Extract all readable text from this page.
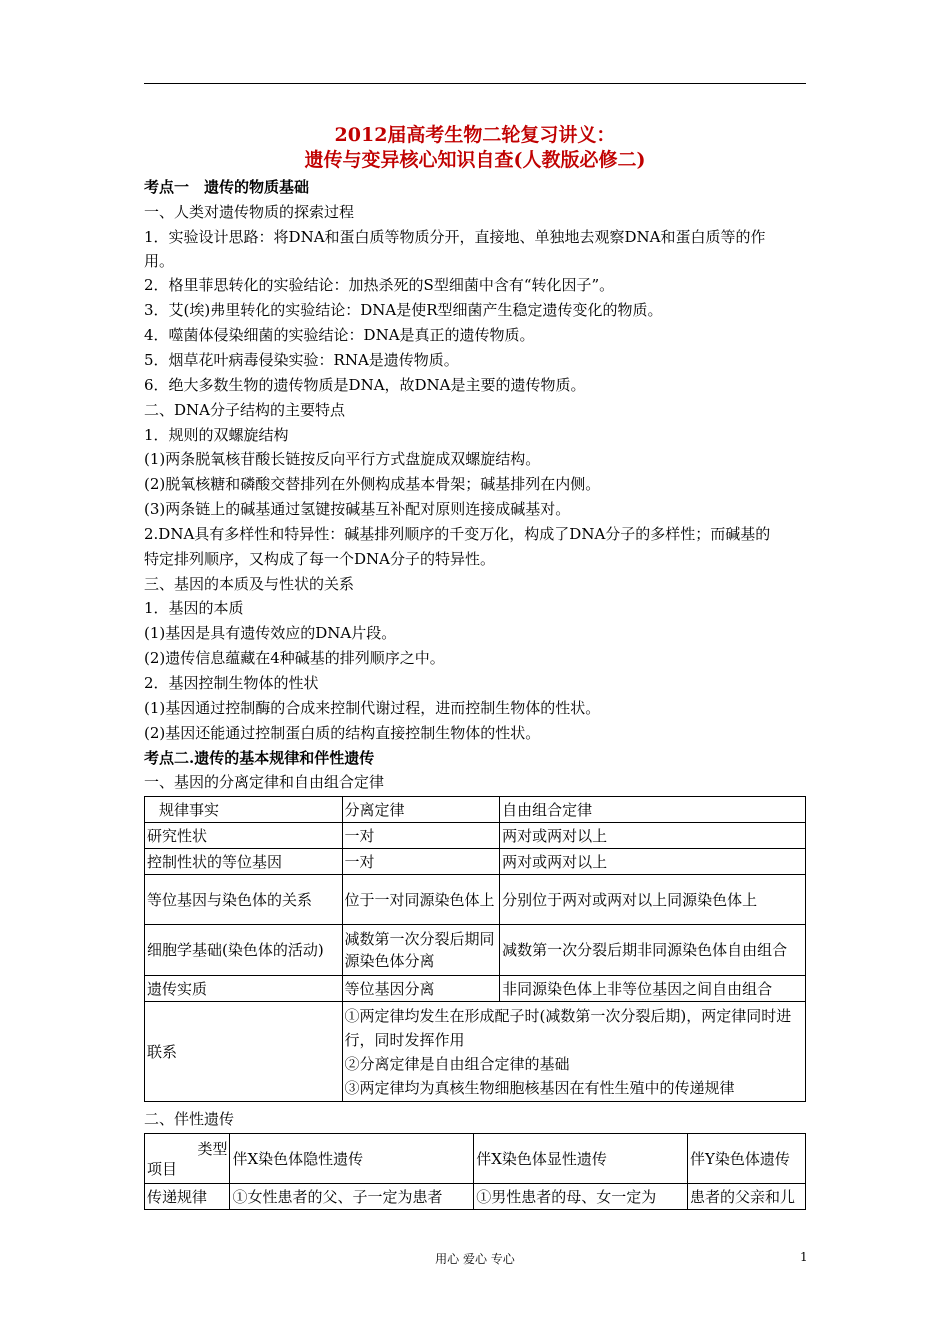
2012届高考生物二轮复习讲义：
遗传与变异核心知识自查(人教版必修二)
考点一　遗传的物质基础
一、人类对遗传物质的探索过程
1．实验设计思路：将DNA和蛋白质等物质分开，直接地、单独地去观察DNA和蛋白质等的作
用。
2．格里菲思转化的实验结论：加热杀死的S型细菌中含有“转化因子”。
3．艾(埃)弗里转化的实验结论：DNA是使R型细菌产生稳定遗传变化的物质。
4．噬菌体侵染细菌的实验结论：DNA是真正的遗传物质。
5．烟草花叶病毒侵染实验：RNA是遗传物质。
6．绝大多数生物的遗传物质是DNA，故DNA是主要的遗传物质。
二、DNA分子结构的主要特点
1．规则的双螺旋结构
(1)两条脱氧核苷酸长链按反向平行方式盘旋成双螺旋结构。
(2)脱氧核糖和磷酸交替排列在外侧构成基本骨架；碱基排列在内侧。
(3)两条链上的碱基通过氢键按碱基互补配对原则连接成碱基对。
2.DNA具有多样性和特异性：碱基排列顺序的千变万化，构成了DNA分子的多样性；而碱基的
特定排列顺序，又构成了每一个DNA分子的特异性。
三、基因的本质及与性状的关系
1．基因的本质
(1)基因是具有遗传效应的DNA片段。
(2)遗传信息蕴藏在4种碱基的排列顺序之中。
2．基因控制生物体的性状
(1)基因通过控制酶的合成来控制代谢过程，进而控制生物体的性状。
(2)基因还能通过控制蛋白质的结构直接控制生物体的性状。
考点二.遗传的基本规律和伴性遗传
一、基因的分离定律和自由组合定律
规律事实	分离定律	自由组合定律
研究性状	一对	两对或两对以上
控制性状的等位基因	一对	两对或两对以上
等位基因与染色体的关系	位于一对同源染色体上	分别位于两对或两对以上同源染色体上
细胞学基础(染色体的活动)	减数第一次分裂后期同源染色体分离	减数第一次分裂后期非同源染色体自由组合
遗传实质	等位基因分离	非同源染色体上非等位基因之间自由组合
联系	①两定律均发生在形成配子时(减数第一次分裂后期)，两定律同时进行，同时发挥作用
②分离定律是自由组合定律的基础
③两定律均为真核生物细胞核基因在有性生殖中的传递规律	
二、伴性遗传
类型
项目	伴X染色体隐性遗传	伴X染色体显性遗传	伴Y染色体遗传
传递规律	①女性患者的父、子一定为患者	①男性患者的母、女一定为	患者的父亲和儿
用心 爱心 专心	1
